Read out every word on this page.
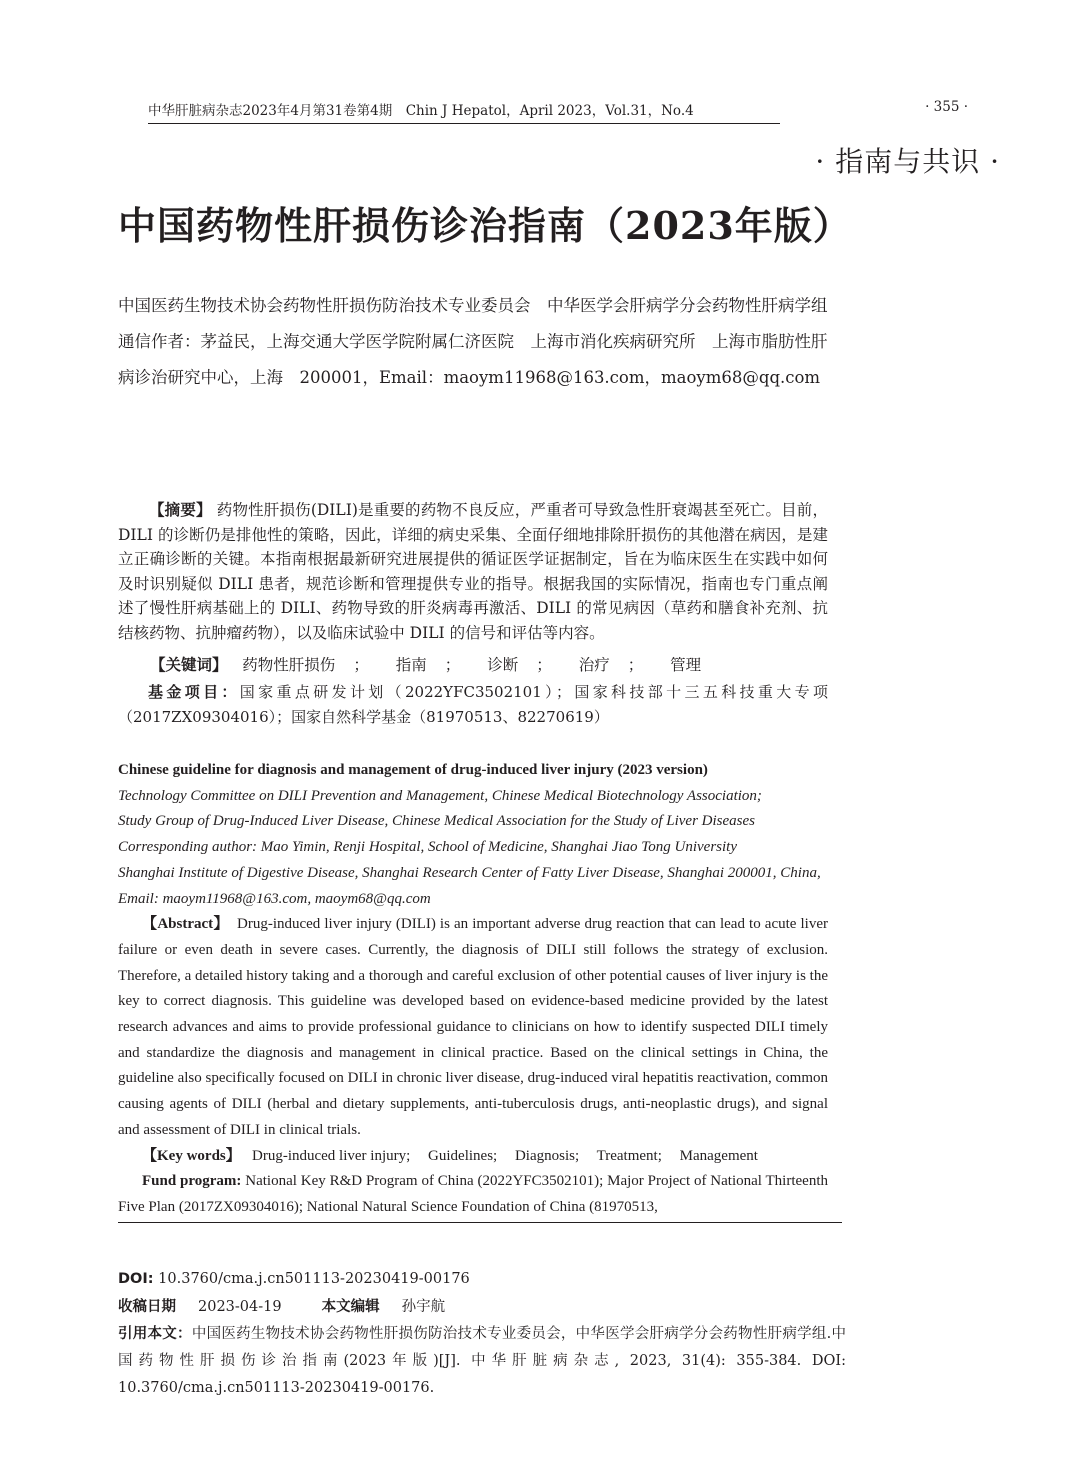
中华肝脏病杂志2023年4月第31卷第4期　Chin J Hepatol，April 2023，Vol.31，No.4	· 355 ·
· 指南与共识 ·
中国药物性肝损伤诊治指南（2023年版）

中国医药生物技术协会药物性肝损伤防治技术专业委员会　中华医学会肝病学分会药物性肝病学组

通信作者：茅益民，上海交通大学医学院附属仁济医院　上海市消化疾病研究所　上海市脂肪性肝病诊治研究中心，上海　200001，Email：maoym11968@163.com，maoym68@qq.com

【摘要】 药物性肝损伤(DILI)是重要的药物不良反应，严重者可导致急性肝衰竭甚至死亡。目前，DILI 的诊断仍是排他性的策略，因此，详细的病史采集、全面仔细地排除肝损伤的其他潜在病因，是建立正确诊断的关键。本指南根据最新研究进展提供的循证医学证据制定，旨在为临床医生在实践中如何及时识别疑似 DILI 患者，规范诊断和管理提供专业的指导。根据我国的实际情况，指南也专门重点阐述了慢性肝病基础上的 DILI、药物导致的肝炎病毒再激活、DILI 的常见病因（草药和膳食补充剂、抗结核药物、抗肿瘤药物），以及临床试验中 DILI 的信号和评估等内容。

【关键词】 药物性肝损伤 ； 指南 ； 诊断 ； 治疗 ； 管理

基金项目：国家重点研发计划（2022YFC3502101）；国家科技部十三五科技重大专项（2017ZX09304016）；国家自然科学基金（81970513、82270619）

Chinese guideline for diagnosis and management of drug-induced liver injury (2023 version)

Technology Committee on DILI Prevention and Management, Chinese Medical Biotechnology Association;

Study Group of Drug-Induced Liver Disease, Chinese Medical Association for the Study of Liver Diseases

Corresponding author: Mao Yimin, Renji Hospital, School of Medicine, Shanghai Jiao Tong University

Shanghai Institute of Digestive Disease, Shanghai Research Center of Fatty Liver Disease, Shanghai 200001, China, Email: maoym11968@163.com, maoym68@qq.com

【Abstract】 Drug-induced liver injury (DILI) is an important adverse drug reaction that can lead to acute liver failure or even death in severe cases. Currently, the diagnosis of DILI still follows the strategy of exclusion. Therefore, a detailed history taking and a thorough and careful exclusion of other potential causes of liver injury is the key to correct diagnosis. This guideline was developed based on evidence-based medicine provided by the latest research advances and aims to provide professional guidance to clinicians on how to identify suspected DILI timely and standardize the diagnosis and management in clinical practice. Based on the clinical settings in China, the guideline also specifically focused on DILI in chronic liver disease, drug-induced viral hepatitis reactivation, common causing agents of DILI (herbal and dietary supplements, anti-tuberculosis drugs, anti-neoplastic drugs), and signal and assessment of DILI in clinical trials.

【Key words】 Drug-induced liver injury; Guidelines; Diagnosis; Treatment; Management

Fund program: National Key R&D Program of China (2022YFC3502101); Major Project of National Thirteenth Five Plan (2017ZX09304016); National Natural Science Foundation of China (81970513,

DOI: 10.3760/cma.j.cn501113-20230419-00176

收稿日期 2023-04-19	本文编辑 孙宇航

引用本文：中国医药生物技术协会药物性肝损伤防治技术专业委员会，中华医学会肝病学分会药物性肝病学组.中国药物性肝损伤诊治指南(2023年版)[J]. 中华肝脏病杂志, 2023, 31(4): 355-384. DOI: 10.3760/cma.j.cn501113-20230419-00176.
